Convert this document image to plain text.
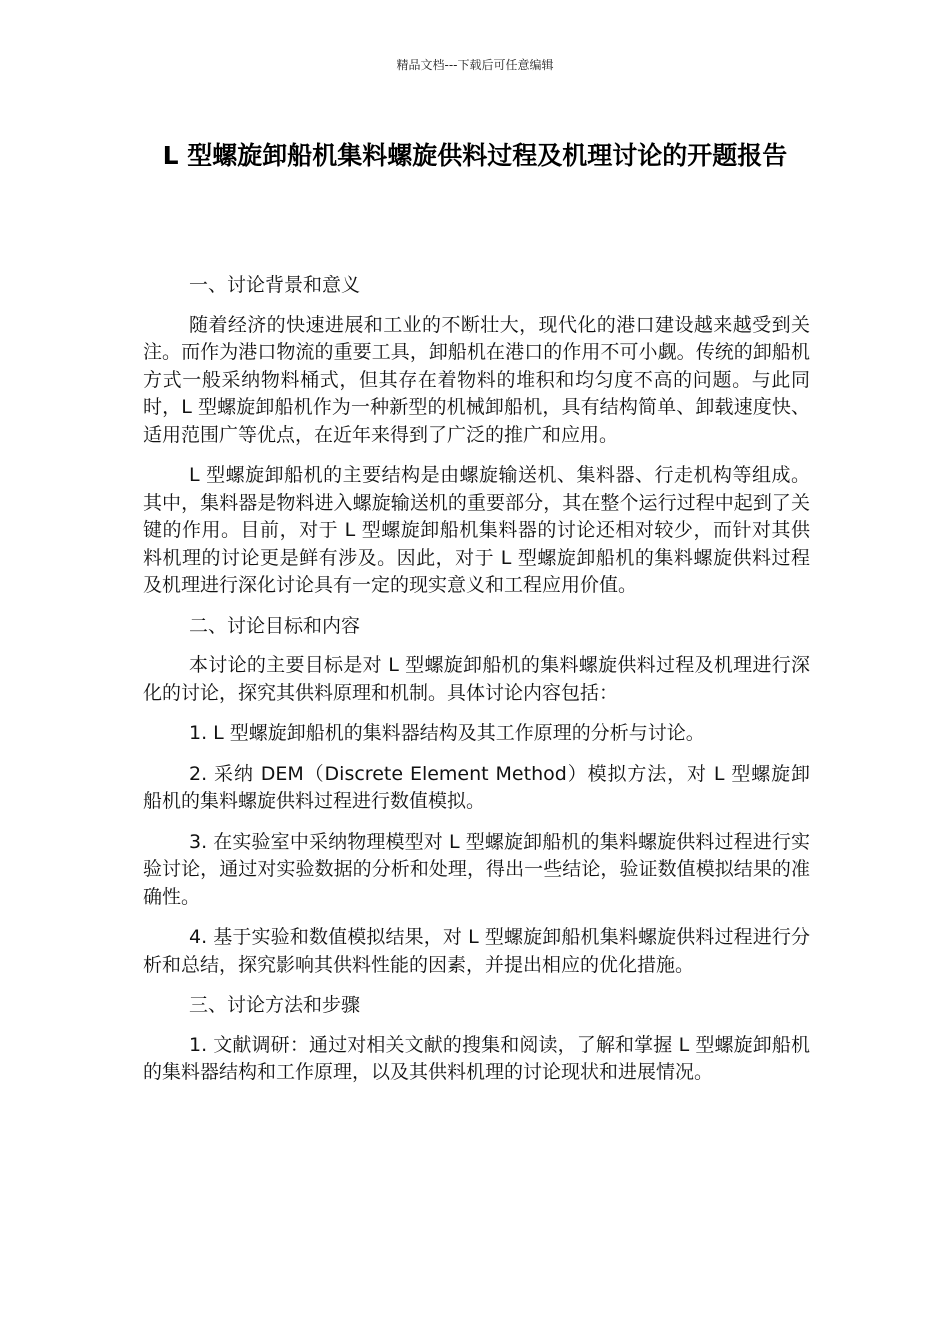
精品文档---下载后可任意编辑
L 型螺旋卸船机集料螺旋供料过程及机理讨论的开题报告

一、讨论背景和意义

随着经济的快速进展和工业的不断壮大，现代化的港口建设越来越受到关注。而作为港口物流的重要工具，卸船机在港口的作用不可小觑。传统的卸船机方式一般采纳物料桶式，但其存在着物料的堆积和均匀度不高的问题。与此同时，L 型螺旋卸船机作为一种新型的机械卸船机，具有结构简单、卸载速度快、适用范围广等优点，在近年来得到了广泛的推广和应用。

L 型螺旋卸船机的主要结构是由螺旋输送机、集料器、行走机构等组成。其中，集料器是物料进入螺旋输送机的重要部分，其在整个运行过程中起到了关键的作用。目前，对于 L 型螺旋卸船机集料器的讨论还相对较少，而针对其供料机理的讨论更是鲜有涉及。因此，对于 L 型螺旋卸船机的集料螺旋供料过程及机理进行深化讨论具有一定的现实意义和工程应用价值。

二、讨论目标和内容

本讨论的主要目标是对 L 型螺旋卸船机的集料螺旋供料过程及机理进行深化的讨论，探究其供料原理和机制。具体讨论内容包括：

1. L 型螺旋卸船机的集料器结构及其工作原理的分析与讨论。

2. 采纳 DEM（Discrete Element Method）模拟方法，对 L 型螺旋卸船机的集料螺旋供料过程进行数值模拟。

3. 在实验室中采纳物理模型对 L 型螺旋卸船机的集料螺旋供料过程进行实验讨论，通过对实验数据的分析和处理，得出一些结论，验证数值模拟结果的准确性。

4. 基于实验和数值模拟结果，对 L 型螺旋卸船机集料螺旋供料过程进行分析和总结，探究影响其供料性能的因素，并提出相应的优化措施。

三、讨论方法和步骤

1. 文献调研：通过对相关文献的搜集和阅读，了解和掌握 L 型螺旋卸船机的集料器结构和工作原理，以及其供料机理的讨论现状和进展情况。
